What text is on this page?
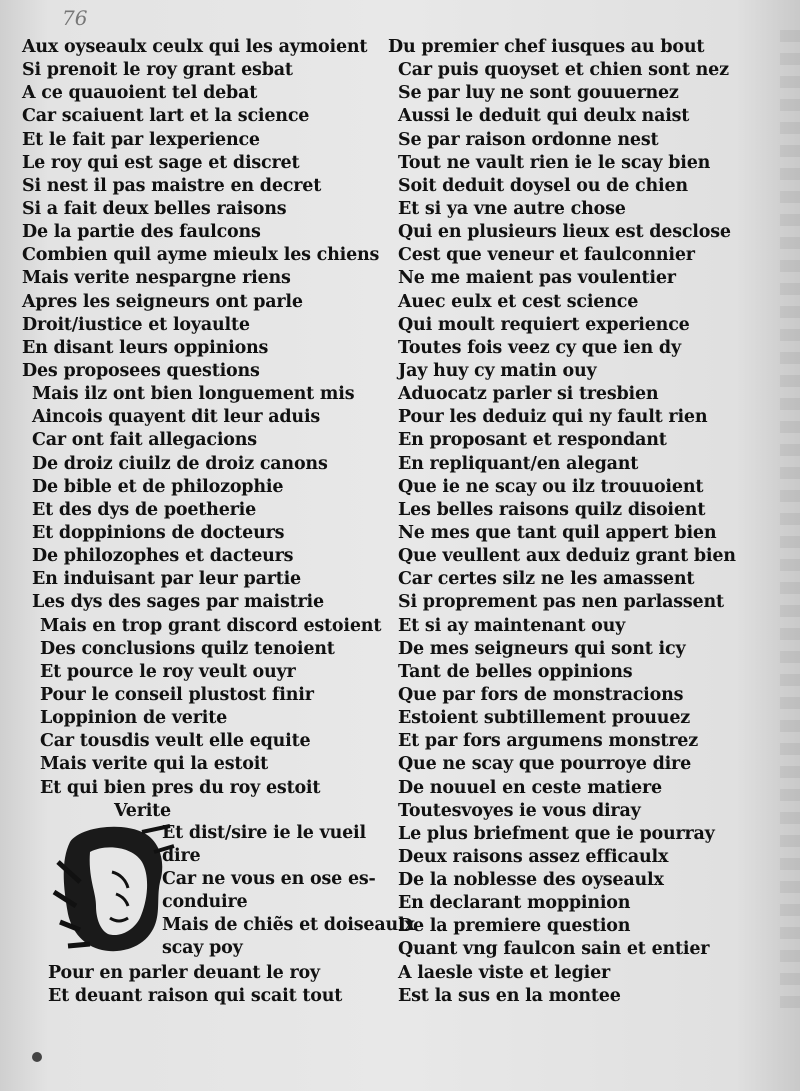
76
Aux oyseaulx ceulx qui les aymoient
Si prenoit le roy grant esbat
A ce quauoient tel debat
Car scaiuent lart et la science
Et le fait par lexperience
Le roy qui est sage et discret
Si nest il pas maistre en decret
Si a fait deux belles raisons
De la partie des faulcons
Combien quil ayme mieulx les chiens
Mais verite nespargne riens
Apres les seigneurs ont parle
Droit/iustice et loyaulte
En disant leurs oppinions
Des proposees questions
Mais ilz ont bien longuement mis
Aincois quayent dit leur aduis
Car ont fait allegacions
De droiz ciuilz de droiz canons
De bible et de philozophie
Et des dys de poetherie
Et doppinions de docteurs
De philozophes et dacteurs
En induisant par leur partie
Les dys des sages par maistrie
Mais en trop grant discord estoient
Des conclusions quilz tenoient
Et pource le roy veult ouyr
Pour le conseil plustost finir
Loppinion de verite
Car tousdis veult elle equite
Mais verite qui la estoit
Et qui bien pres du roy estoit
Verite
Et dist/sire ie le vueil
dire
Car ne vous en ose es-
conduire
Mais de chiẽs et doiseaulx
scay poy
Pour en parler deuant le roy
Et deuant raison qui scait tout
Du premier chef iusques au bout
Car puis quoyset et chien sont nez
Se par luy ne sont gouuernez
Aussi le deduit qui deulx naist
Se par raison ordonne nest
Tout ne vault rien ie le scay bien
Soit deduit doysel ou de chien
Et si ya vne autre chose
Qui en plusieurs lieux est desclose
Cest que veneur et faulconnier
Ne me maient pas voulentier
Auec eulx et cest science
Qui moult requiert experience
Toutes fois veez cy que ien dy
Jay huy cy matin ouy
Aduocatz parler si tresbien
Pour les deduiz qui ny fault rien
En proposant et respondant
En repliquant/en alegant
Que ie ne scay ou ilz trouuoient
Les belles raisons quilz disoient
Ne mes que tant quil appert bien
Que veullent aux deduiz grant bien
Car certes silz ne les amassent
Si proprement pas nen parlassent
Et si ay maintenant ouy
De mes seigneurs qui sont icy
Tant de belles oppinions
Que par fors de monstracions
Estoient subtillement prouuez
Et par fors argumens monstrez
Que ne scay que pourroye dire
De nouuel en ceste matiere
Toutesvoyes ie vous diray
Le plus briefment que ie pourray
Deux raisons assez efficaulx
De la noblesse des oyseaulx
En declarant moppinion
De la premiere question
Quant vng faulcon sain et entier
A laesle viste et legier
Est la sus en la montee
